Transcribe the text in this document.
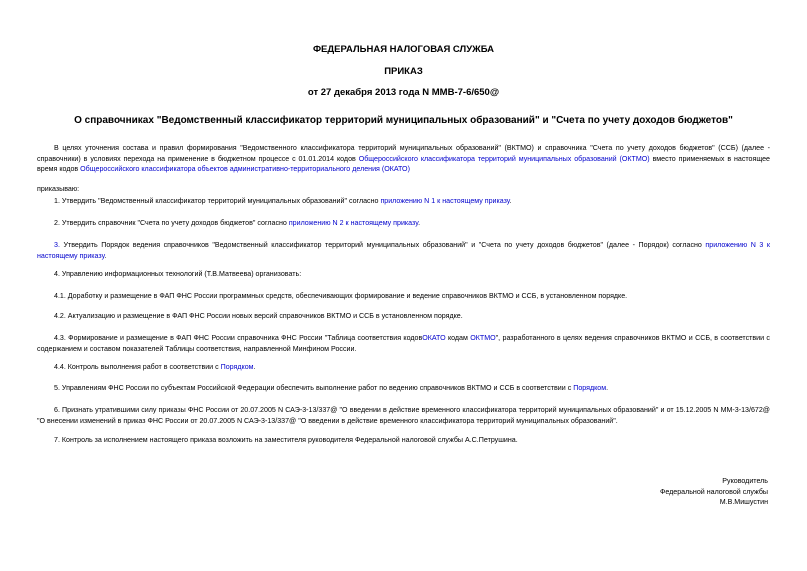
ФЕДЕРАЛЬНАЯ НАЛОГОВАЯ СЛУЖБА
ПРИКАЗ
от 27 декабря 2013 года N ММВ-7-6/650@
О справочниках "Ведомственный классификатор территорий муниципальных образований" и "Счета по учету доходов бюджетов"
В целях уточнения состава и правил формирования "Ведомственного классификатора территорий муниципальных образований" (ВКТМО) и справочника "Счета по учету доходов бюджетов" (ССБ) (далее - справочники) в условиях перехода на применение в бюджетном процессе с 01.01.2014 кодов Общероссийского классификатора территорий муниципальных образований (ОКТМО) вместо применяемых в настоящее время кодов Общероссийского классификатора объектов административно-территориального деления (ОКАТО)
приказываю:
1. Утвердить "Ведомственный классификатор территорий муниципальных образований" согласно приложению N 1 к настоящему приказу.
2. Утвердить справочник "Счета по учету доходов бюджетов" согласно приложению N 2 к настоящему приказу.
3. Утвердить Порядок ведения справочников "Ведомственный классификатор территорий муниципальных образований" и "Счета по учету доходов бюджетов" (далее - Порядок) согласно приложению N 3 к настоящему приказу.
4. Управлению информационных технологий (Т.В.Матвеева) организовать:
4.1. Доработку и размещение в ФАП ФНС России программных средств, обеспечивающих формирование и ведение справочников ВКТМО и ССБ, в установленном порядке.
4.2. Актуализацию и размещение в ФАП ФНС России новых версий справочников ВКТМО и ССБ в установленном порядке.
4.3. Формирование и размещение в ФАП ФНС России справочника ФНС России "Таблица соответствия кодовОКАТО кодам ОКТМО", разработанного в целях ведения справочников ВКТМО и ССБ, в соответствии с содержанием и составом показателей Таблицы соответствия, направленной Минфином России.
4.4. Контроль выполнения работ в соответствии с Порядком.
5. Управлениям ФНС России по субъектам Российской Федерации обеспечить выполнение работ по ведению справочников ВКТМО и ССБ в соответствии с Порядком.
6. Признать утратившими силу приказы ФНС России от 20.07.2005 N САЭ-3-13/337@ "О введении в действие временного классификатора территорий муниципальных образований" и от 15.12.2005 N ММ-3-13/672@ "О внесении изменений в приказ ФНС России от 20.07.2005 N САЭ-3-13/337@ "О введении в действие временного классификатора территорий муниципальных образований".
7. Контроль за исполнением настоящего приказа возложить на заместителя руководителя Федеральной налоговой службы А.С.Петрушина.
Руководитель
Федеральной налоговой службы
М.В.Мишустин
